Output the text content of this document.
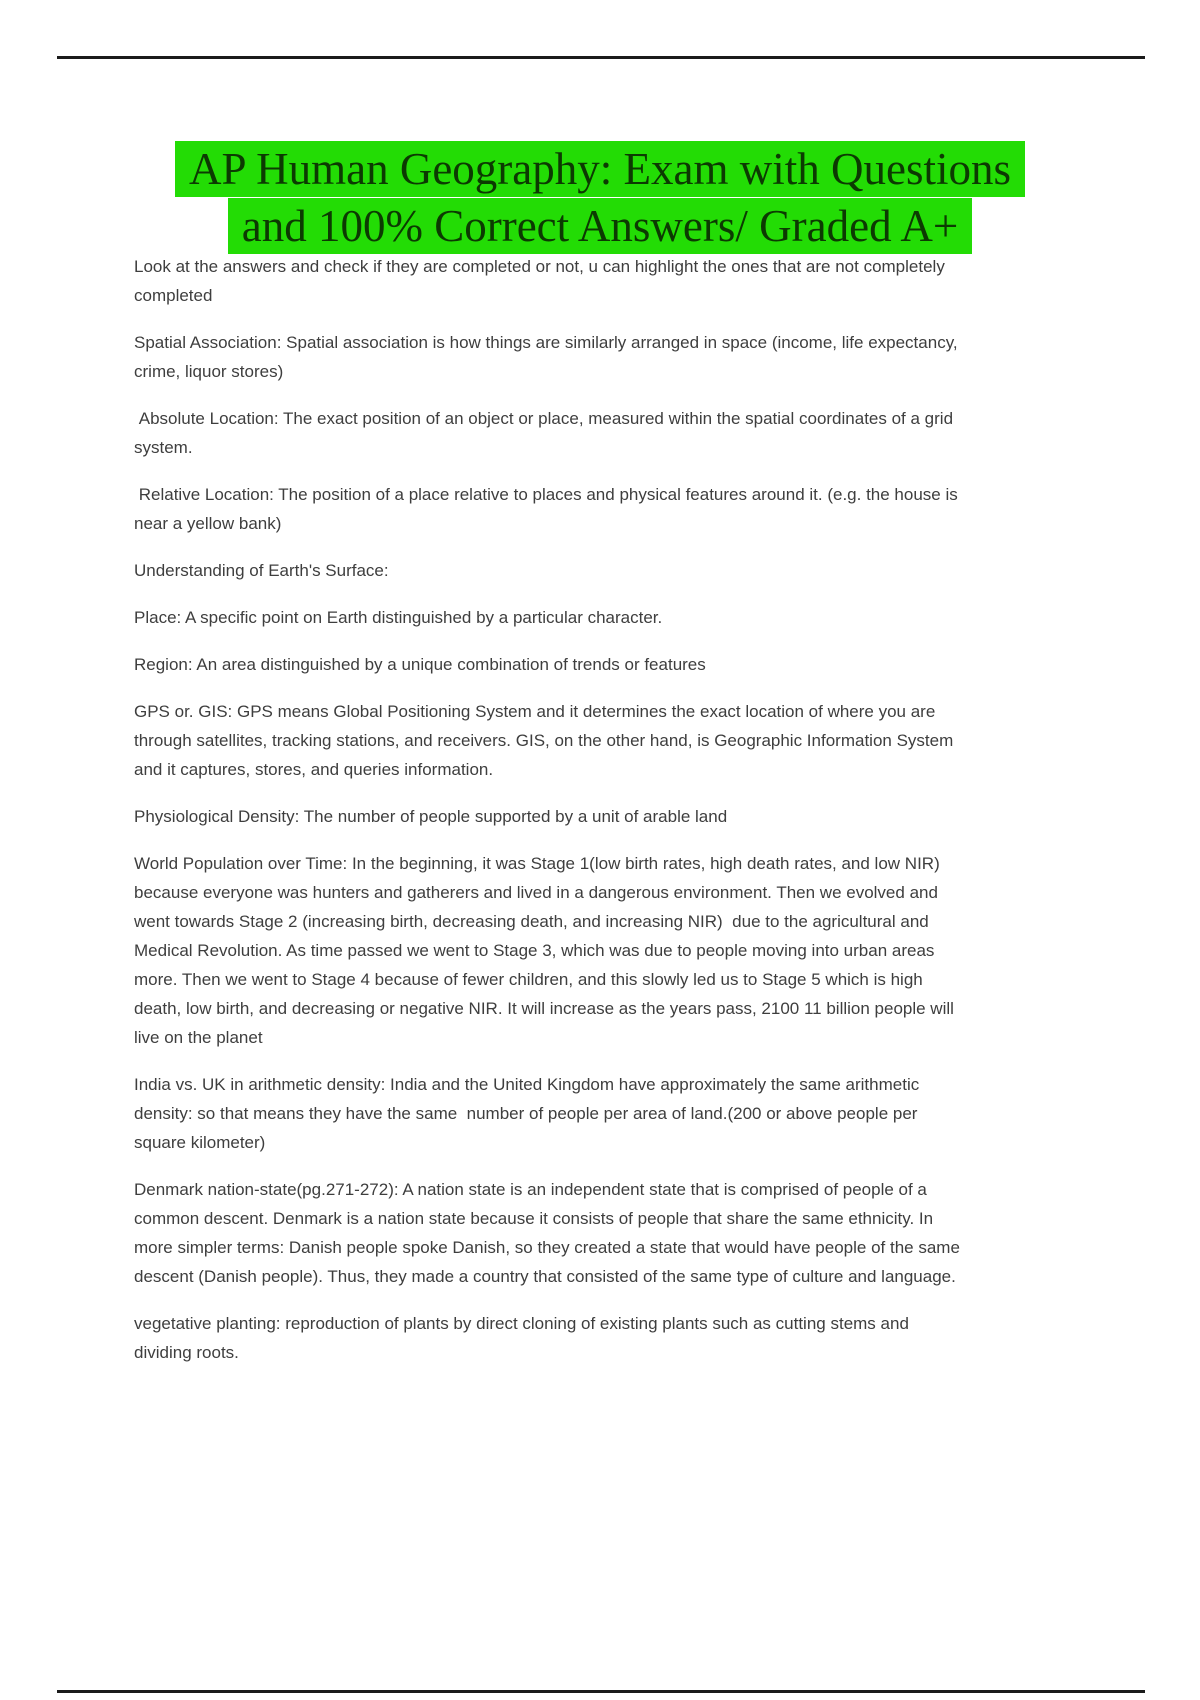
AP Human Geography: Exam with Questions
and 100% Correct Answers/ Graded A+

Look at the answers and check if they are completed or not, u can highlight the ones that are not completely completed

Spatial Association: Spatial association is how things are similarly arranged in space (income, life expectancy, crime, liquor stores)

Absolute Location: The exact position of an object or place, measured within the spatial coordinates of a grid system.

Relative Location: The position of a place relative to places and physical features around it. (e.g. the house is near a yellow bank)

Understanding of Earth's Surface:

Place: A specific point on Earth distinguished by a particular character.

Region: An area distinguished by a unique combination of trends or features

GPS or. GIS: GPS means Global Positioning System and it determines the exact location of where you are through satellites, tracking stations, and receivers. GIS, on the other hand, is Geographic Information System and it captures, stores, and queries information.

Physiological Density: The number of people supported by a unit of arable land

World Population over Time: In the beginning, it was Stage 1(low birth rates, high death rates, and low NIR) because everyone was hunters and gatherers and lived in a dangerous environment. Then we evolved and went towards Stage 2 (increasing birth, decreasing death, and increasing NIR)  due to the agricultural and Medical Revolution. As time passed we went to Stage 3, which was due to people moving into urban areas more. Then we went to Stage 4 because of fewer children, and this slowly led us to Stage 5 which is high death, low birth, and decreasing or negative NIR. It will increase as the years pass, 2100 11 billion people will live on the planet

India vs. UK in arithmetic density: India and the United Kingdom have approximately the same arithmetic density: so that means they have the same  number of people per area of land.(200 or above people per square kilometer)

Denmark nation-state(pg.271-272): A nation state is an independent state that is comprised of people of a common descent. Denmark is a nation state because it consists of people that share the same ethnicity. In more simpler terms: Danish people spoke Danish, so they created a state that would have people of the same descent (Danish people). Thus, they made a country that consisted of the same type of culture and language.

vegetative planting: reproduction of plants by direct cloning of existing plants such as cutting stems and dividing roots.
